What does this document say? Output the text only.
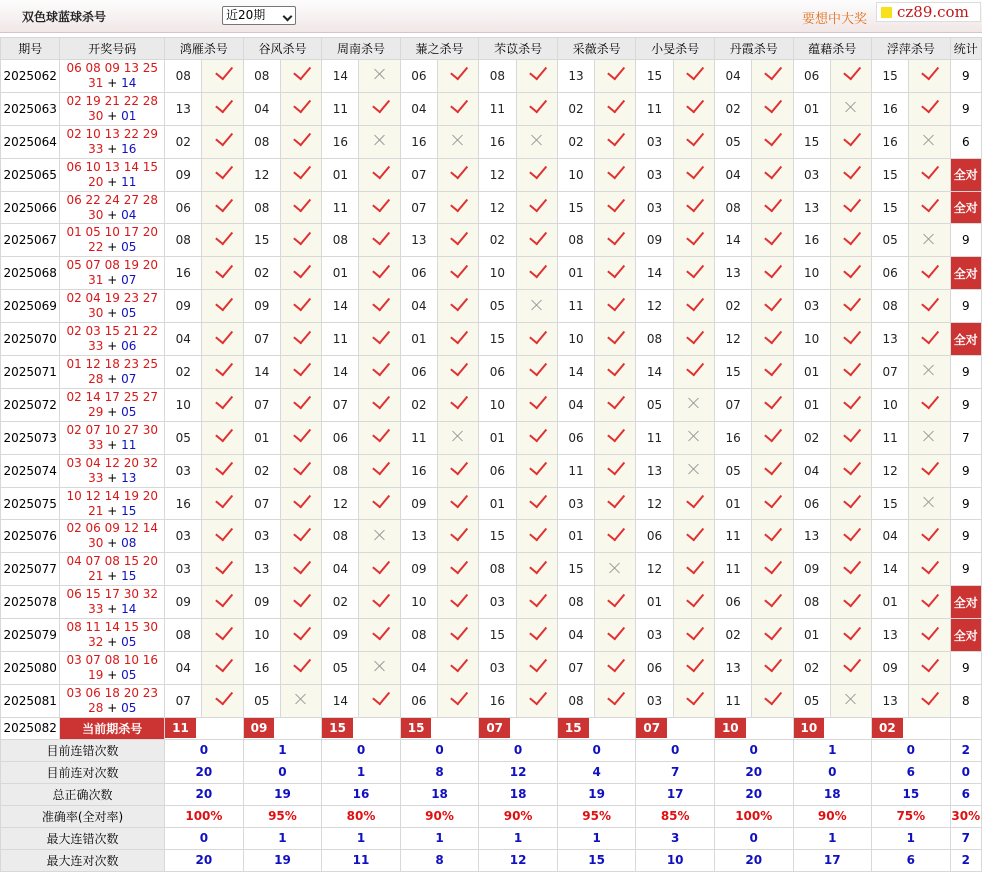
双色球蓝球杀号	近20期	要想中大奖	cz89.com
期号	开奖号码	鸿雁杀号		谷风杀号		周南杀号		蒹之杀号		芣苡杀号		采薇杀号		小旻杀号		丹霞杀号		蕴藉杀号		浮萍杀号		统计
2025062	06 08 09 13 25
31 + 14	08		08		14		06		08		13		15		04		06		15		9
2025063	02 19 21 22 28
30 + 01	13		04		11		04		11		02		11		02		01		16		9
2025064	02 10 13 22 29
33 + 16	02		08		16		16		16		02		03		05		15		16		6
2025065	06 10 13 14 15
20 + 11	09		12		01		07		12		10		03		04		03		15		全对
2025066	06 22 24 27 28
30 + 04	06		08		11		07		12		15		03		08		13		15		全对
2025067	01 05 10 17 20
22 + 05	08		15		08		13		02		08		09		14		16		05		9
2025068	05 07 08 19 20
31 + 07	16		02		01		06		10		01		14		13		10		06		全对
2025069	02 04 19 23 27
30 + 05	09		09		14		04		05		11		12		02		03		08		9
2025070	02 03 15 21 22
33 + 06	04		07		11		01		15		10		08		12		10		13		全对
2025071	01 12 18 23 25
28 + 07	02		14		14		06		06		14		14		15		01		07		9
2025072	02 14 17 25 27
29 + 05	10		07		07		02		10		04		05		07		01		10		9
2025073	02 07 10 27 30
33 + 11	05		01		06		11		01		06		11		16		02		11		7
2025074	03 04 12 20 32
33 + 13	03		02		08		16		06		11		13		05		04		12		9
2025075	10 12 14 19 20
21 + 15	16		07		12		09		01		03		12		01		06		15		9
2025076	02 06 09 12 14
30 + 08	03		03		08		13		15		01		06		11		13		04		9
2025077	04 07 08 15 20
21 + 15	03		13		04		09		08		15		12		11		09		14		9
2025078	06 15 17 30 32
33 + 14	09		09		02		10		03		08		01		06		08		01		全对
2025079	08 11 14 15 30
32 + 05	08		10		09		08		15		04		03		02		01		13		全对
2025080	03 07 08 10 16
19 + 05	04		16		05		04		03		07		06		13		02		09		9
2025081	03 06 18 20 23
28 + 05	07		05		14		06		16		08		03		11		05		13		8
2025082	当前期杀号	11		09		15		15		07		15		07		10		10		02		
目前连错次数		0		1		0		0		0		0		0		0		1		0		2
目前连对次数		20		0		1		8		12		4		7		20		0		6		0
总正确次数		20		19		16		18		18		19		17		20		18		15		6
准确率(全对率)		100%		95%		80%		90%		90%		95%		85%		100%		90%		75%		30%
最大连错次数		0		1		1		1		1		1		3		0		1		1		7
最大连对次数		20		19		11		8		12		15		10		20		17		6		2
